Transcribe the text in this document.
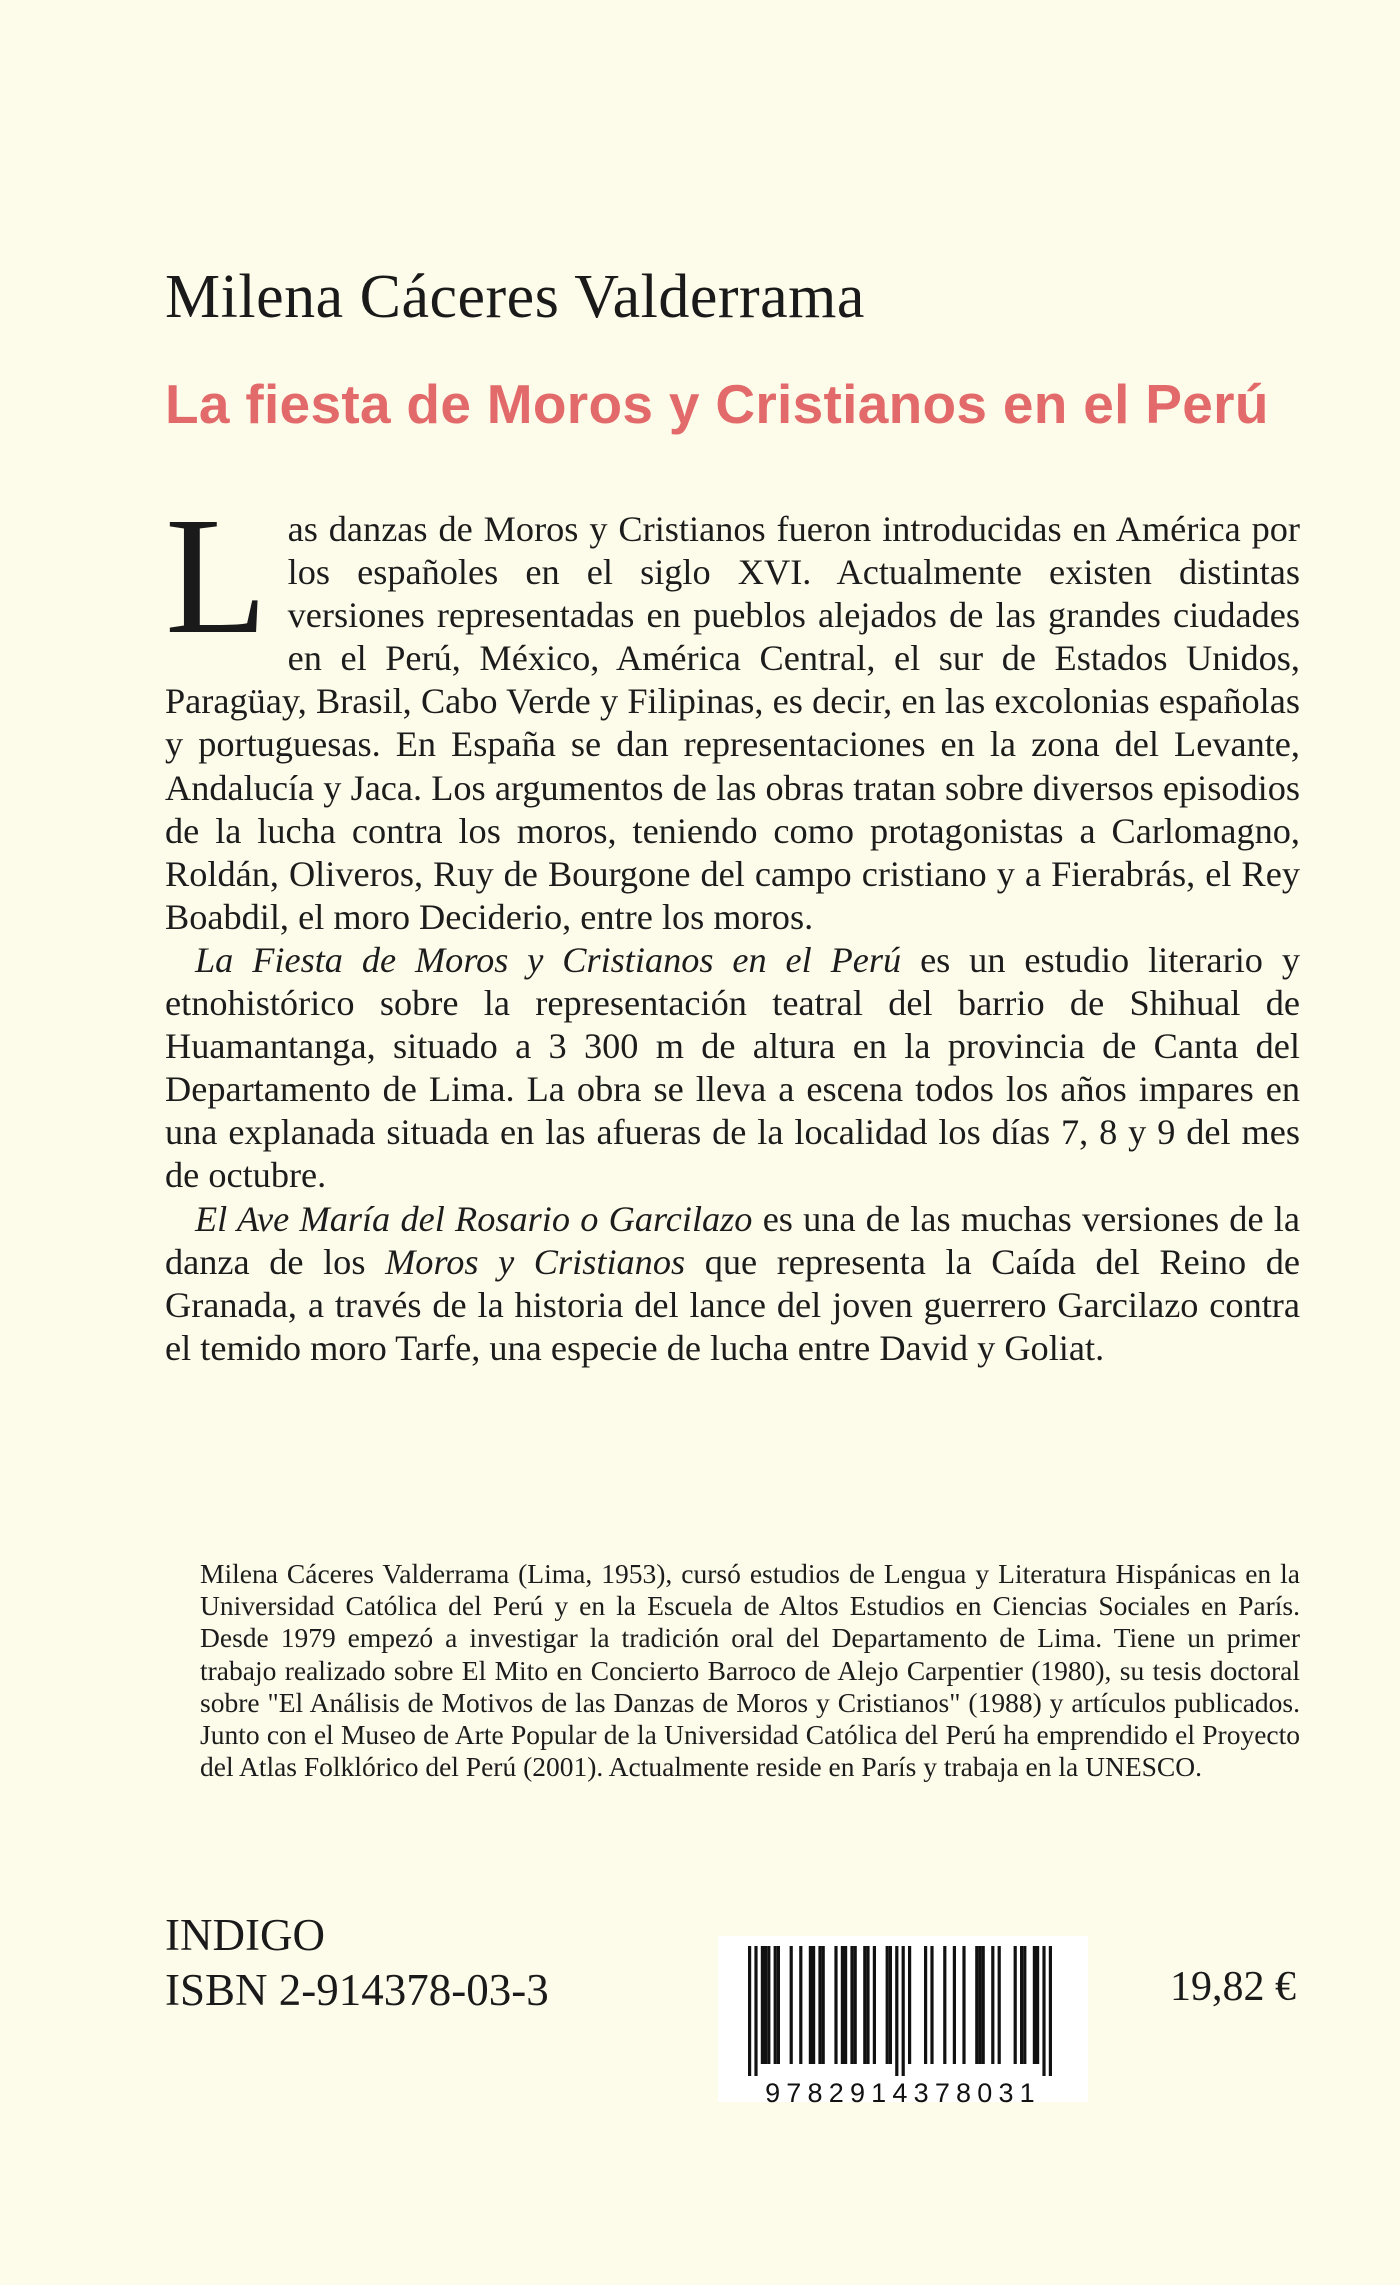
Milena Cáceres Valderrama
La fiesta de Moros y Cristianos en el Perú

Las danzas de Moros y Cristianos fueron introducidas en América por los españoles en el siglo XVI. Actualmente existen distintas versiones representadas en pueblos alejados de las grandes ciudades en el Perú, México, América Central, el sur de Estados Unidos, Paragüay, Brasil, Cabo Verde y Filipinas, es decir, en las excolonias españolas y portuguesas. En España se dan representaciones en la zona del Levante, Andalucía y Jaca. Los argumentos de las obras tratan sobre diversos episodios de la lucha contra los moros, teniendo como protagonistas a Carlomagno, Roldán, Oliveros, Ruy de Bourgone del campo cristiano y a Fierabrás, el Rey Boabdil, el moro Deciderio, entre los moros.

La Fiesta de Moros y Cristianos en el Perú es un estudio literario y etnohistórico sobre la representación teatral del barrio de Shihual de Huamantanga, situado a 3 300 m de altura en la provincia de Canta del Departamento de Lima. La obra se lleva a escena todos los años impares en una explanada situada en las afueras de la localidad los días 7, 8 y 9 del mes de octubre.

El Ave María del Rosario o Garcilazo es una de las muchas versiones de la danza de los Moros y Cristianos que representa la Caída del Reino de Granada, a través de la historia del lance del joven guerrero Garcilazo contra el temido moro Tarfe, una especie de lucha entre David y Goliat.

Milena Cáceres Valderrama (Lima, 1953), cursó estudios de Lengua y Literatura Hispánicas en la Universidad Católica del Perú y en la Escuela de Altos Estudios en Ciencias Sociales en París. Desde 1979 empezó a investigar la tradición oral del Departamento de Lima. Tiene un primer trabajo realizado sobre El Mito en Concierto Barroco de Alejo Carpentier (1980), su tesis doctoral sobre "El Análisis de Motivos de las Danzas de Moros y Cristianos" (1988) y artículos publicados. Junto con el Museo de Arte Popular de la Universidad Católica del Perú ha emprendido el Proyecto del Atlas Folklórico del Perú (2001). Actualmente reside en París y trabaja en la UNESCO.

INDIGO
ISBN 2-914378-03-3
9782914378031
19,82 €
